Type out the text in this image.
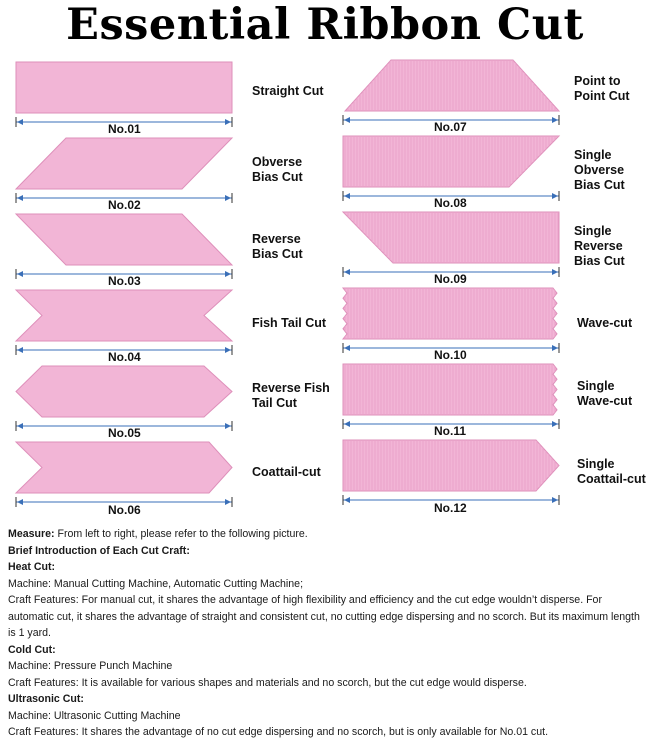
Essential Ribbon Cut
Straight Cut
No.01
Obverse Bias Cut
No.02
Reverse Bias Cut
No.03
Fish Tail Cut
No.04
Reverse Fish Tail Cut
No.05
Coattail-cut
No.06
Point to Point Cut
No.07
Single Obverse Bias Cut
No.08
Single Reverse Bias Cut
No.09
Wave-cut
No.10
Single Wave-cut
No.11
Single Coattail-cut
No.12
Measure: From left to right, please refer to the following picture.
Brief Introduction of Each Cut Craft:
Heat Cut:
Machine: Manual Cutting Machine, Automatic Cutting Machine;
Craft Features: For manual cut, it shares the advantage of high flexibility and efficiency and the cut edge wouldn’t disperse. For automatic cut, it shares the advantage of straight and consistent cut, no cutting edge dispersing and no scorch. But its maximum length is 1 yard.
Cold Cut:
Machine: Pressure Punch Machine
Craft Features: It is available for various shapes and materials and no scorch, but the cut edge would disperse.
Ultrasonic Cut:
Machine: Ultrasonic Cutting Machine
Craft Features: It shares the advantage of no cut edge dispersing and no scorch, but is only available for No.01 cut.
